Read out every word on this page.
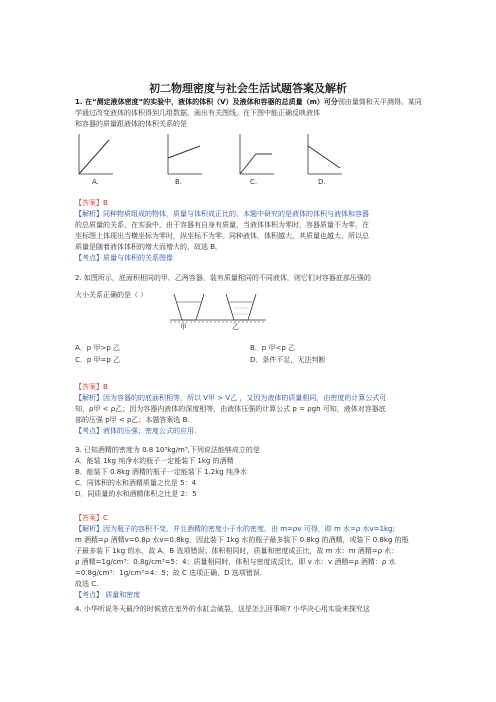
初二物理密度与社会生活试题答案及解析
1. 在“测定液体密度”的实验中，液体的体积（V）及液体和容器的总质量（m）可分别由量筒和天平测得。某同学通过改变液体的体积得到几组数据，画出有关图线，在下图中能正确反映液体
和容器的质量跟液体的体积关系的是
A.	B.	C.	D.
【答案】B
【解析】同种物质组成的物体，质量与体积成正比的。本题中研究的是液体的体积与液体和容器
的总质量的关系，在实验中，由于容器有自身有质量，当液体体积为零时，容器质量不为零，在
坐标图上体现出当横坐标为零时，纵坐标不为零。同种液体，体积越大，其质量也越大，所以总
质量是随着液体体积的增大而增大的，故选 B。
【考点】质量与体积的关系图像
2. 如图所示，底面积相同的甲、乙两容器，装有质量相同的不同液体，则它们对容器底部压强的
大小关系正确的是（ ）
甲	乙
A．p 甲>p 乙	B．p 甲<p 乙
C．p 甲=p 乙	D．条件不足，无法判断
【答案】B
【解析】因为容器的的底面积相等，所以 V甲 > V乙 ，又因为液体的质量相同，由密度的计算公式可
知，ρ甲 < ρ乙；因为容器内液体的深度相等，由液体压强的计算公式 p = ρgh 可知，液体对容器底
部的压强 p甲 < p乙；本题答案选 B.
【考点】液体的压强；密度公式的应用.
3. 已知酒精的密度为 0.8 10³kg/m³,下列说法能够成立的是
A．能装 1kg 纯净水的瓶子一定能装下 1kg 的酒精
B．能装下 0.8kg 酒精的瓶子一定能装下 1.2kg 纯净水
C．同体积的水和酒精质量之比是 5：4
D．同质量的水和酒精体积之比是 2：5
【答案】C
【解析】因为瓶子的容积不变，并且酒精的密度小于水的密度，由 m=ρv 可得，即 m 水=ρ 水v=1kg;
m 酒精=ρ 酒精v=0.8ρ 水v=0.8kg，因此装下 1kg 水的瓶子最多装下 0.8kg 的酒精，或装下 0.8kg 的瓶
子最多装下 1kg 的水，故 A、B 选项错误；体积相同时，质量和密度成正比，故 m 水：m 酒精=ρ 水：
ρ 酒精=1g/cm³：0.8g/cm³=5：4；质量相同时，体积与密度成反比，即 v 水：v 酒精=ρ 酒精：ρ 水
=0.8g/cm³：1g/cm³=4：5；故 C 选项正确，D 选项错误.
故选 C.
【考点】 质量和密度
4. 小华听说冬天最冷的时候放在室外的水缸会破裂，这是怎么回事呢? 小华决心用实验来探究这
